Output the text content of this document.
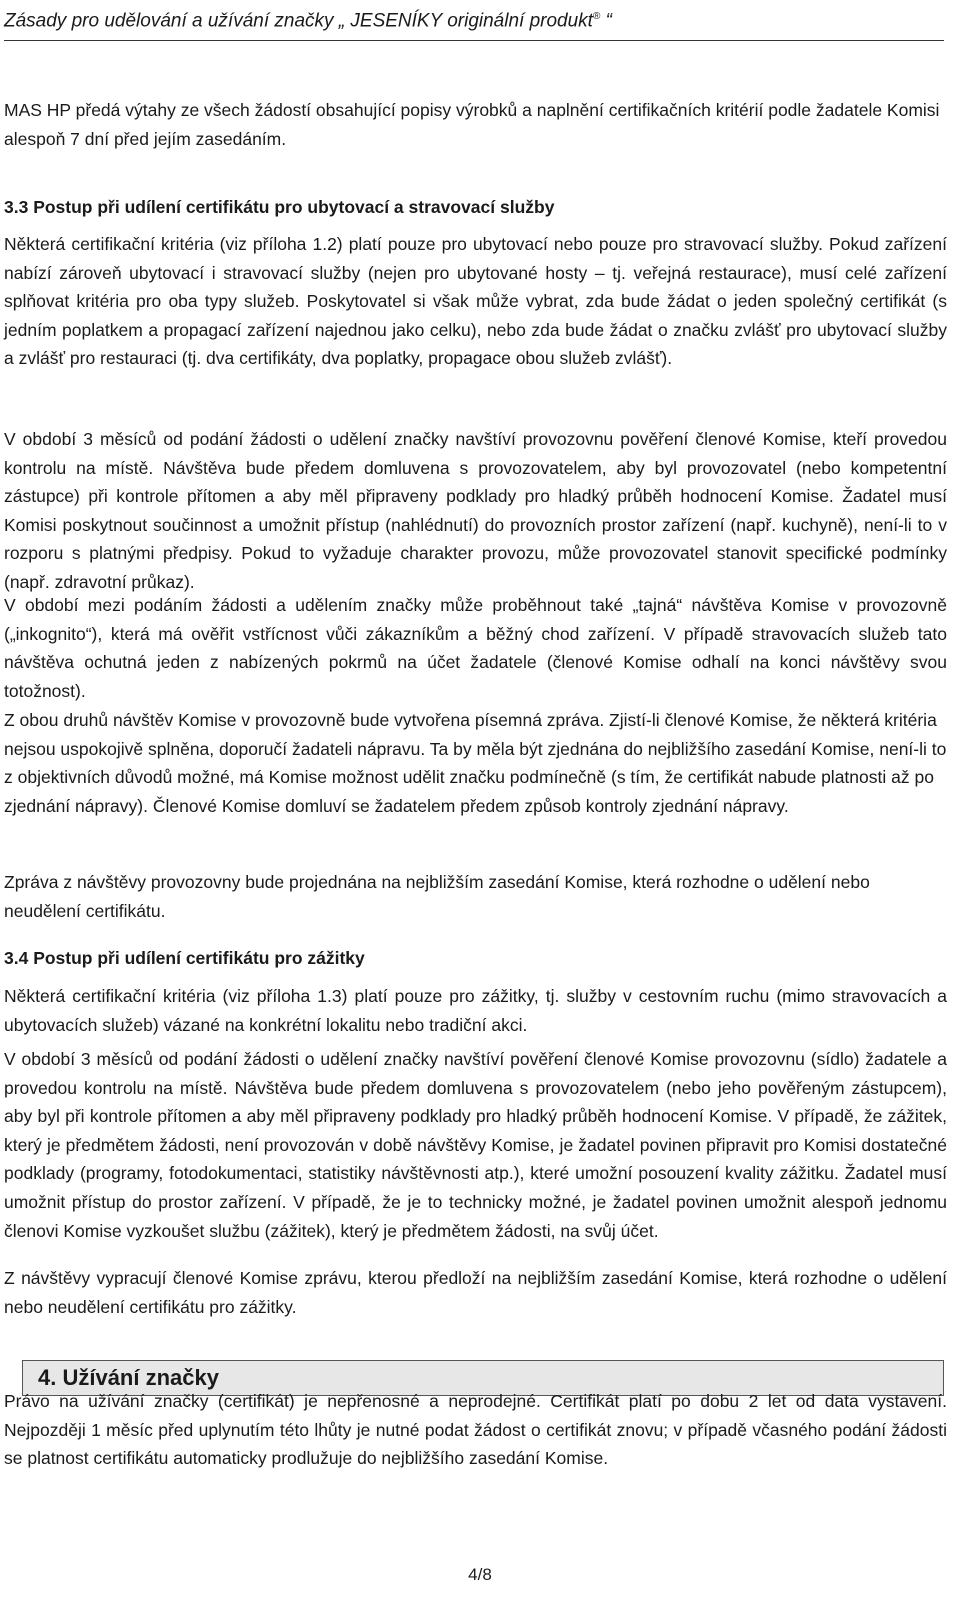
Zásady pro udělování a užívání značky „ JESENÍKY originální produkt® “

MAS HP předá výtahy ze všech žádostí obsahující popisy výrobků a naplnění certifikačních kritérií podle žadatele Komisi alespoň 7 dní před jejím zasedáním.

3.3 Postup při udílení certifikátu pro ubytovací a stravovací služby

Některá certifikační kritéria (viz příloha 1.2) platí pouze pro ubytovací nebo pouze pro stravovací služby. Pokud zařízení nabízí zároveň ubytovací i stravovací služby (nejen pro ubytované hosty – tj. veřejná restaurace), musí celé zařízení splňovat kritéria pro oba typy služeb. Poskytovatel si však může vybrat, zda bude žádat o jeden společný certifikát (s jedním poplatkem a propagací zařízení najednou jako celku), nebo zda bude žádat o značku zvlášť pro ubytovací služby a zvlášť pro restauraci (tj. dva certifikáty, dva poplatky, propagace obou služeb zvlášť).

V období 3 měsíců od podání žádosti o udělení značky navštíví provozovnu pověření členové Komise, kteří provedou kontrolu na místě. Návštěva bude předem domluvena s provozovatelem, aby byl provozovatel (nebo kompetentní zástupce) při kontrole přítomen a aby měl připraveny podklady pro hladký průběh hodnocení Komise. Žadatel musí Komisi poskytnout součinnost a umožnit přístup (nahlédnutí) do provozních prostor zařízení (např. kuchyně), není-li to v rozporu s platnými předpisy. Pokud to vyžaduje charakter provozu, může provozovatel stanovit specifické podmínky (např. zdravotní průkaz).

V období mezi podáním žádosti a udělením značky může proběhnout také „tajná“ návštěva Komise v provozovně („inkognito“), která má ověřit vstřícnost vůči zákazníkům a běžný chod zařízení. V případě stravovacích služeb tato návštěva ochutná jeden z nabízených pokrmů na účet žadatele (členové Komise odhalí na konci návštěvy svou totožnost).

Z obou druhů návštěv Komise v provozovně bude vytvořena písemná zpráva. Zjistí-li členové Komise, že některá kritéria nejsou uspokojivě splněna, doporučí žadateli nápravu. Ta by měla být zjednána do nejbližšího zasedání Komise, není-li to z objektivních důvodů možné, má Komise možnost udělit značku podmínečně (s tím, že certifikát nabude platnosti až po zjednání nápravy). Členové Komise domluví se žadatelem předem způsob kontroly zjednání nápravy.

Zpráva z návštěvy provozovny bude projednána na nejbližším zasedání Komise, která rozhodne o udělení nebo neudělení certifikátu.

3.4 Postup při udílení certifikátu pro zážitky

Některá certifikační kritéria (viz příloha 1.3) platí pouze pro zážitky, tj. služby v cestovním ruchu (mimo stravovacích a ubytovacích služeb) vázané na konkrétní lokalitu nebo tradiční akci.

V období 3 měsíců od podání žádosti o udělení značky navštíví pověření členové Komise provozovnu (sídlo) žadatele a provedou kontrolu na místě. Návštěva bude předem domluvena s provozovatelem (nebo jeho pověřeným zástupcem), aby byl při kontrole přítomen a aby měl připraveny podklady pro hladký průběh hodnocení Komise. V případě, že zážitek, který je předmětem žádosti, není provozován v době návštěvy Komise, je žadatel povinen připravit pro Komisi dostatečné podklady (programy, fotodokumentaci, statistiky návštěvnosti atp.), které umožní posouzení kvality zážitku. Žadatel musí umožnit přístup do prostor zařízení. V případě, že je to technicky možné, je žadatel povinen umožnit alespoň jednomu členovi Komise vyzkoušet službu (zážitek), který je předmětem žádosti, na svůj účet.

Z návštěvy vypracují členové Komise zprávu, kterou předloží na nejbližším zasedání Komise, která rozhodne o udělení nebo neudělení certifikátu pro zážitky.

4. Užívání značky

Právo na užívání značky (certifikát) je nepřenosné a neprodejné. Certifikát platí po dobu 2 let od data vystavení. Nejpozději 1 měsíc před uplynutím této lhůty je nutné podat žádost o certifikát znovu; v případě včasného podání žádosti se platnost certifikátu automaticky prodlužuje do nejbližšího zasedání Komise.

4/8
